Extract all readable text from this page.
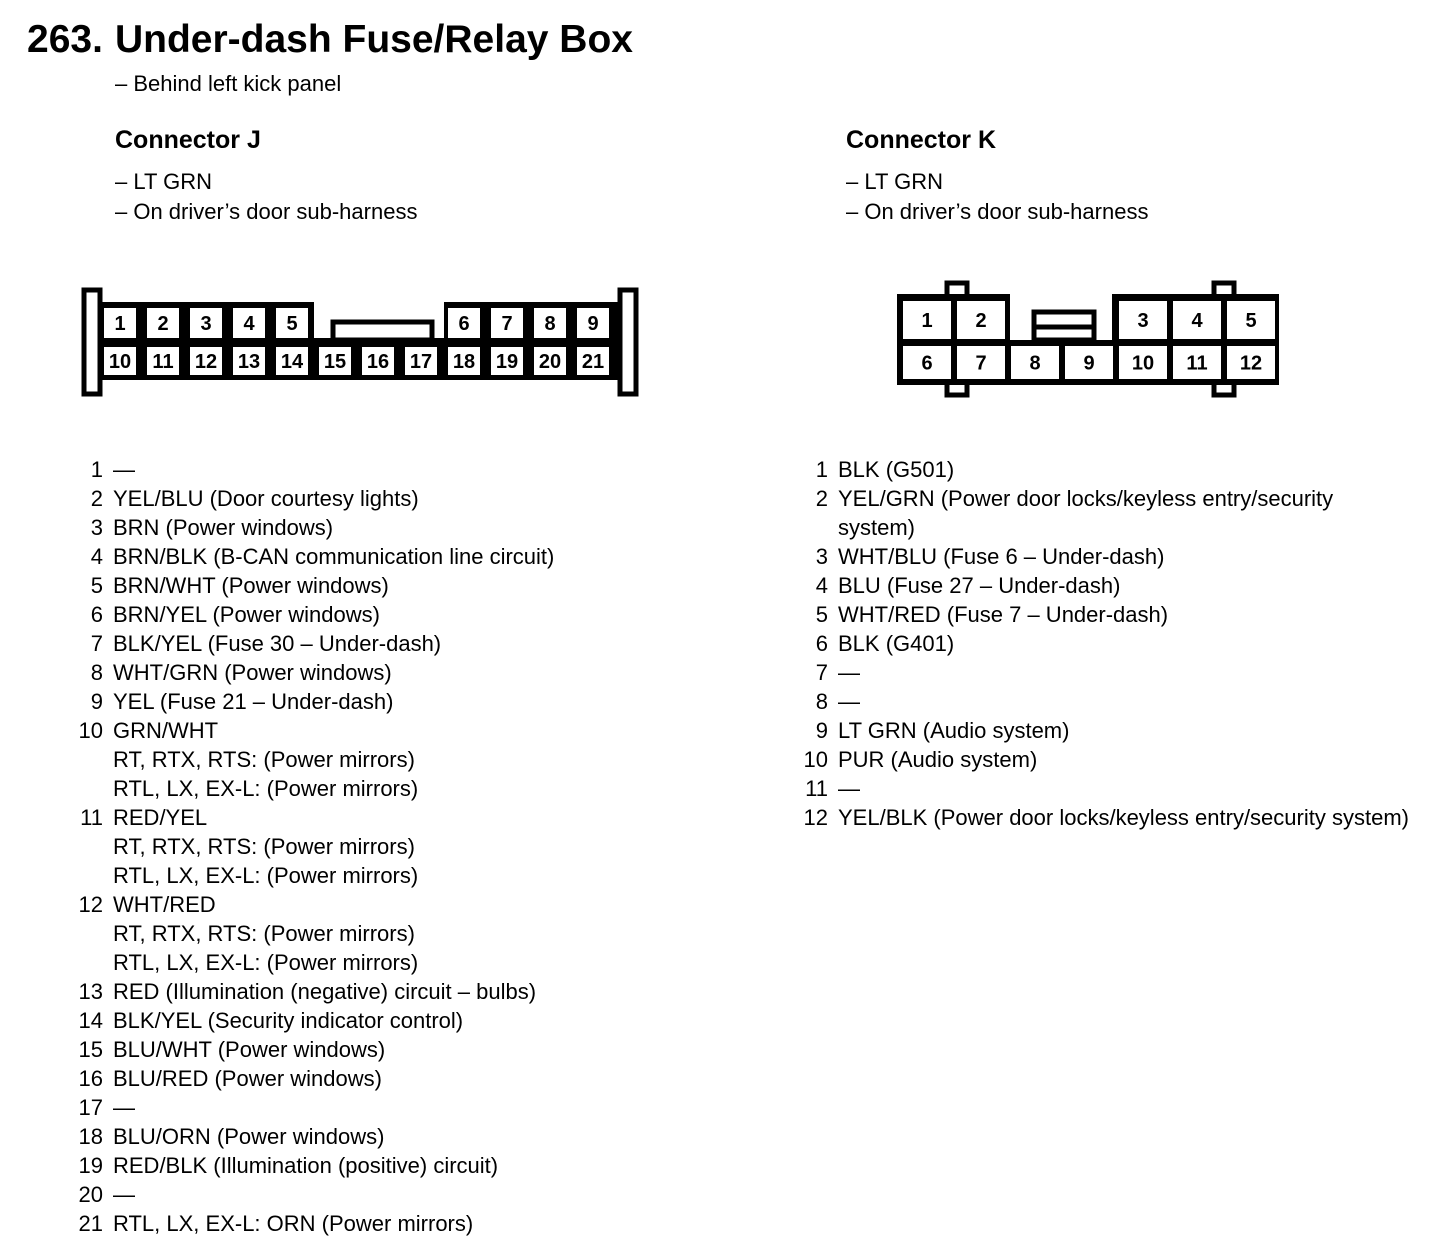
263. Under-dash Fuse/Relay Box
– Behind left kick panel
Connector J
– LT GRN
– On driver’s door sub-harness
Connector K
– LT GRN
– On driver’s door sub-harness
1 2 3 4 5	6 7 8 9
10 11 12 13 14 15 16 17 18 19 20 21
1 2	3 4 5
6 7 8 9 10 11 12
1 —
2 YEL/BLU (Door courtesy lights)
3 BRN (Power windows)
4 BRN/BLK (B-CAN communication line circuit)
5 BRN/WHT (Power windows)
6 BRN/YEL (Power windows)
7 BLK/YEL (Fuse 30 – Under-dash)
8 WHT/GRN (Power windows)
9 YEL (Fuse 21 – Under-dash)
10 GRN/WHT
RT, RTX, RTS: (Power mirrors)
RTL, LX, EX-L: (Power mirrors)
11 RED/YEL
RT, RTX, RTS: (Power mirrors)
RTL, LX, EX-L: (Power mirrors)
12 WHT/RED
RT, RTX, RTS: (Power mirrors)
RTL, LX, EX-L: (Power mirrors)
13 RED (Illumination (negative) circuit – bulbs)
14 BLK/YEL (Security indicator control)
15 BLU/WHT (Power windows)
16 BLU/RED (Power windows)
17 —
18 BLU/ORN (Power windows)
19 RED/BLK (Illumination (positive) circuit)
20 —
21 RTL, LX, EX-L: ORN (Power mirrors)
1 BLK (G501)
2 YEL/GRN (Power door locks/keyless entry/security
system)
3 WHT/BLU (Fuse 6 – Under-dash)
4 BLU (Fuse 27 – Under-dash)
5 WHT/RED (Fuse 7 – Under-dash)
6 BLK (G401)
7 —
8 —
9 LT GRN (Audio system)
10 PUR (Audio system)
11 —
12 YEL/BLK (Power door locks/keyless entry/security system)
